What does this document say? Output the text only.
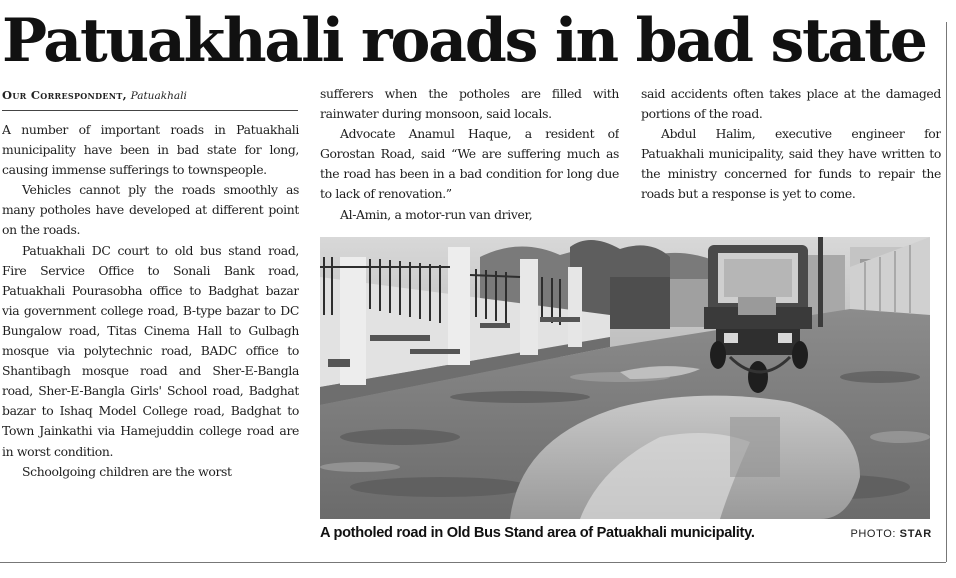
Patuakhali roads in bad state
Our Correspondent, Patuakhali

A number of important roads in Patuakhali municipality have been in bad state for long, causing immense sufferings to townspeople.

Vehicles cannot ply the roads smoothly as many potholes have developed at different point on the roads.

Patuakhali DC court to old bus stand road, Fire Service Office to Sonali Bank road, Patuakhali Pourasobha office to Badghat bazar via government college road, B-type bazar to DC Bungalow road, Titas Cinema Hall to Gulbagh mosque via polytechnic road, BADC office to Shantibagh mosque road and Sher-E-Bangla road, Sher-E-Bangla Girls' School road, Badghat bazar to Ishaq Model College road, Badghat to Town Jainkathi via Hamejuddin college road are in worst condition.

Schoolgoing children are the worst

sufferers when the potholes are filled with rainwater during monsoon, said locals.

Advocate Anamul Haque, a resident of Gorostan Road, said “We are suffering much as the road has been in a bad condition for long due to lack of renovation.”

Al-Amin, a motor-run van driver,

said accidents often takes place at the damaged portions of the road.

Abdul Halim, executive engineer for Patuakhali municipality, said they have written to the ministry concerned for funds to repair the roads but a response is yet to come.

A potholed road in Old Bus Stand area of Patuakhali municipality.	PHOTO: STAR
